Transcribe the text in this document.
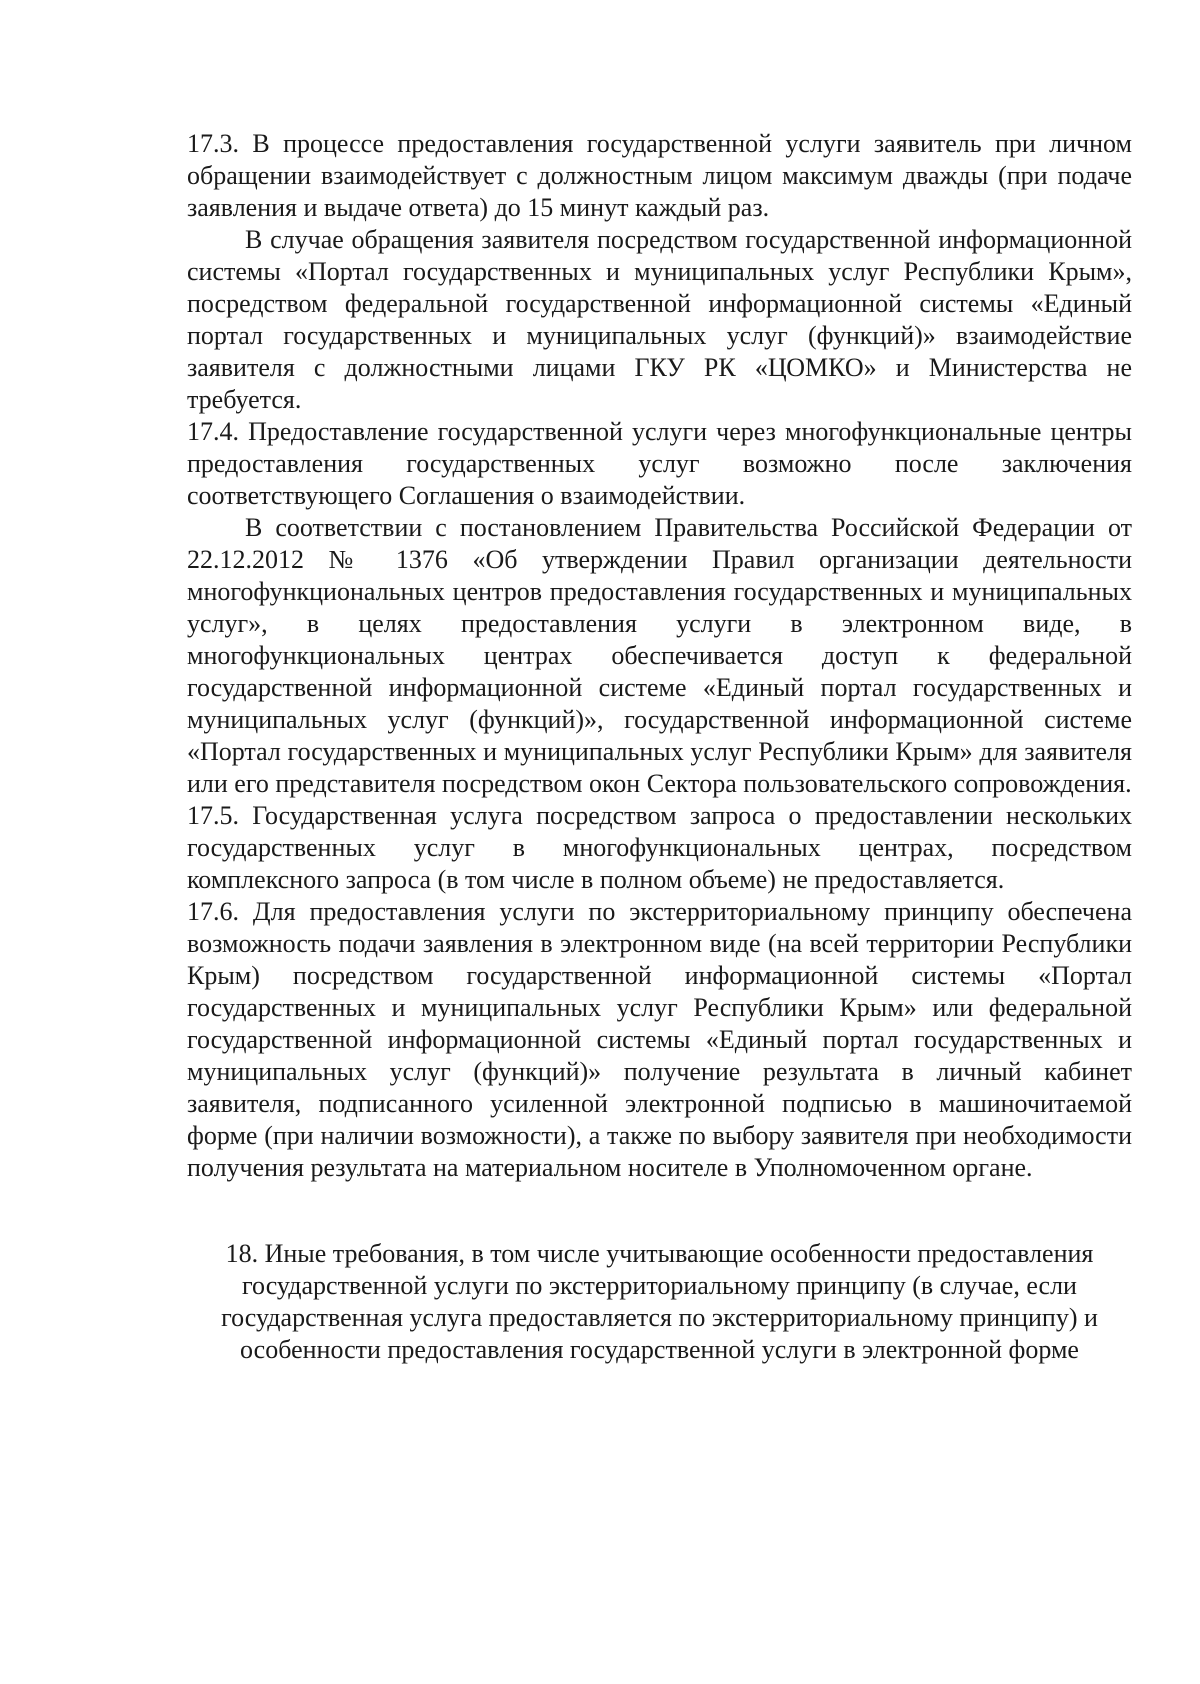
17.3. В процессе предоставления государственной услуги заявитель при личном обращении взаимодействует с должностным лицом максимум дважды (при подаче заявления и выдаче ответа) до 15 минут каждый раз.

В случае обращения заявителя посредством государственной информационной системы «Портал государственных и муниципальных услуг Республики Крым», посредством федеральной государственной информационной системы «Единый портал государственных и муниципальных услуг (функций)» взаимодействие заявителя с должностными лицами ГКУ РК «ЦОМКО» и Министерства не требуется.

17.4. Предоставление государственной услуги через многофункциональные центры предоставления государственных услуг возможно после заключения соответствующего Соглашения о взаимодействии.

В соответствии с постановлением Правительства Российской Федерации от 22.12.2012 № 1376 «Об утверждении Правил организации деятельности многофункциональных центров предоставления государственных и муниципальных услуг», в целях предоставления услуги в электронном виде, в многофункциональных центрах обеспечивается доступ к федеральной государственной информационной системе «Единый портал государственных и муниципальных услуг (функций)», государственной информационной системе «Портал государственных и муниципальных услуг Республики Крым» для заявителя или его представителя посредством окон Сектора пользовательского сопровождения.

17.5. Государственная услуга посредством запроса о предоставлении нескольких государственных услуг в многофункциональных центрах, посредством комплексного запроса (в том числе в полном объеме) не предоставляется.

17.6. Для предоставления услуги по экстерриториальному принципу обеспечена возможность подачи заявления в электронном виде (на всей территории Республики Крым) посредством государственной информационной системы «Портал государственных и муниципальных услуг Республики Крым» или федеральной государственной информационной системы «Единый портал государственных и муниципальных услуг (функций)» получение результата в личный кабинет заявителя, подписанного усиленной электронной подписью в машиночитаемой форме (при наличии возможности), а также по выбору заявителя при необходимости получения результата на материальном носителе в Уполномоченном органе.

18. Иные требования, в том числе учитывающие особенности предоставления государственной услуги по экстерриториальному принципу (в случае, если государственная услуга предоставляется по экстерриториальному принципу) и особенности предоставления государственной услуги в электронной форме
